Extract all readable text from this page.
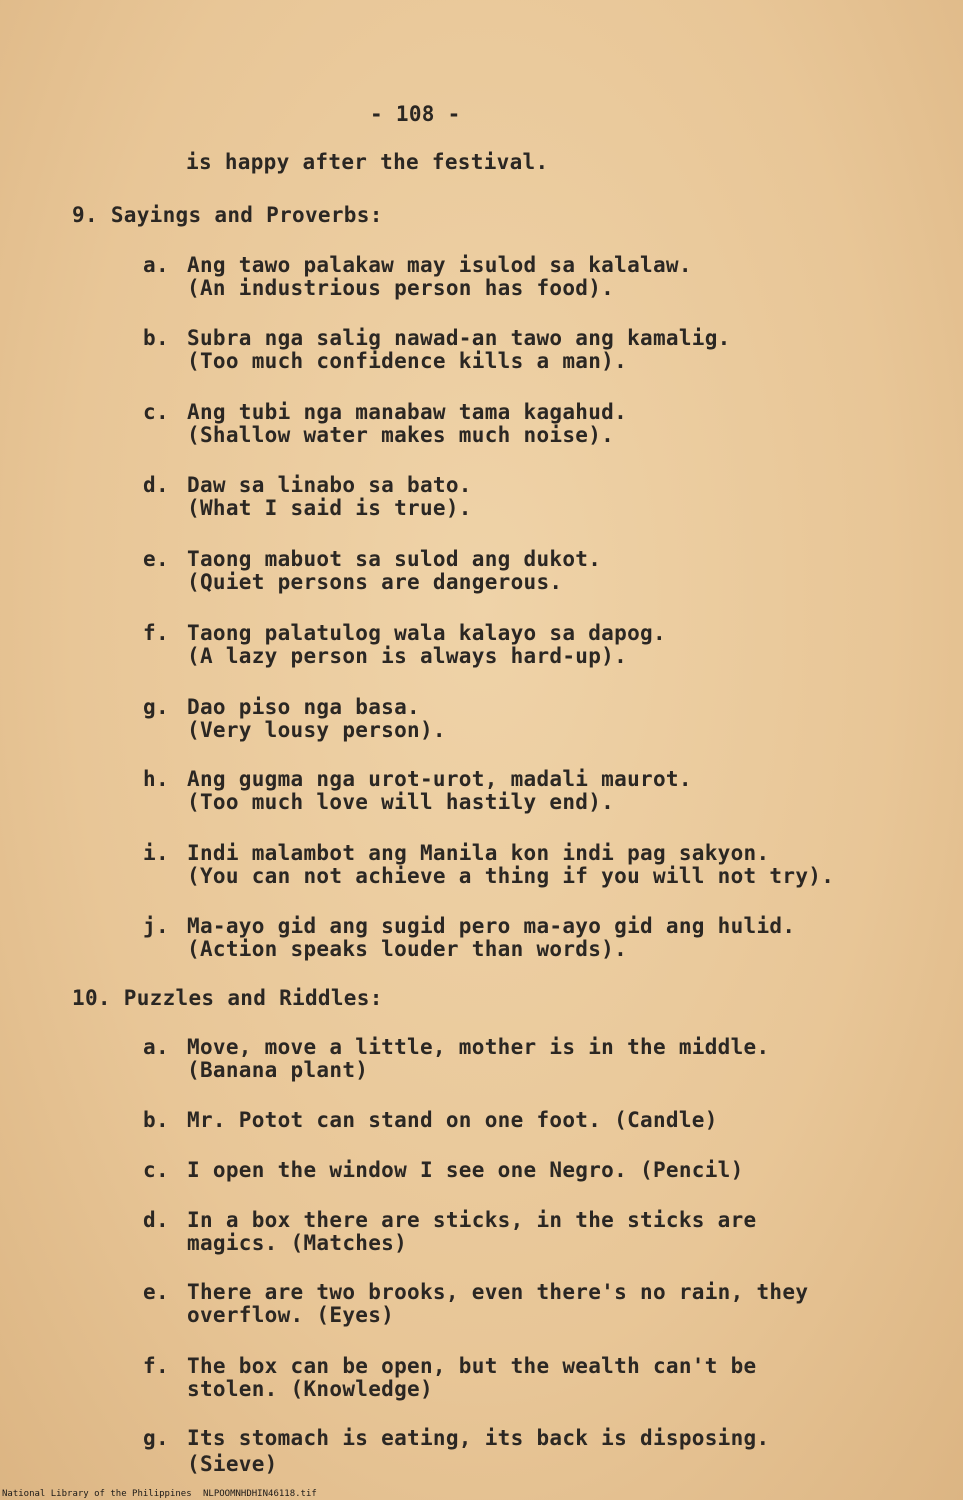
- 108 -
is happy after the festival.
9. Sayings and Proverbs:
a. Ang tawo palakaw may isulod sa kalalaw.
(An industrious person has food).
b. Subra nga salig nawad-an tawo ang kamalig.
(Too much confidence kills a man).
c. Ang tubi nga manabaw tama kagahud.
(Shallow water makes much noise).
d. Daw sa linabo sa bato.
(What I said is true).
e. Taong mabuot sa sulod ang dukot.
(Quiet persons are dangerous.
f. Taong palatulog wala kalayo sa dapog.
(A lazy person is always hard-up).
g. Dao piso nga basa.
(Very lousy person).
h. Ang gugma nga urot-urot, madali maurot.
(Too much love will hastily end).
i. Indi malambot ang Manila kon indi pag sakyon.
(You can not achieve a thing if you will not try).
j. Ma-ayo gid ang sugid pero ma-ayo gid ang hulid.
(Action speaks louder than words).
10. Puzzles and Riddles:
a. Move, move a little, mother is in the middle.
(Banana plant)
b. Mr. Potot can stand on one foot. (Candle)
c. I open the window I see one Negro. (Pencil)
d. In a box there are sticks, in the sticks are
magics. (Matches)
e. There are two brooks, even there's no rain, they
overflow. (Eyes)
f. The box can be open, but the wealth can't be
stolen. (Knowledge)
g. Its stomach is eating, its back is disposing.
(Sieve)
National Library of the Philippines NLPOOMNHDHIN46118.tif
